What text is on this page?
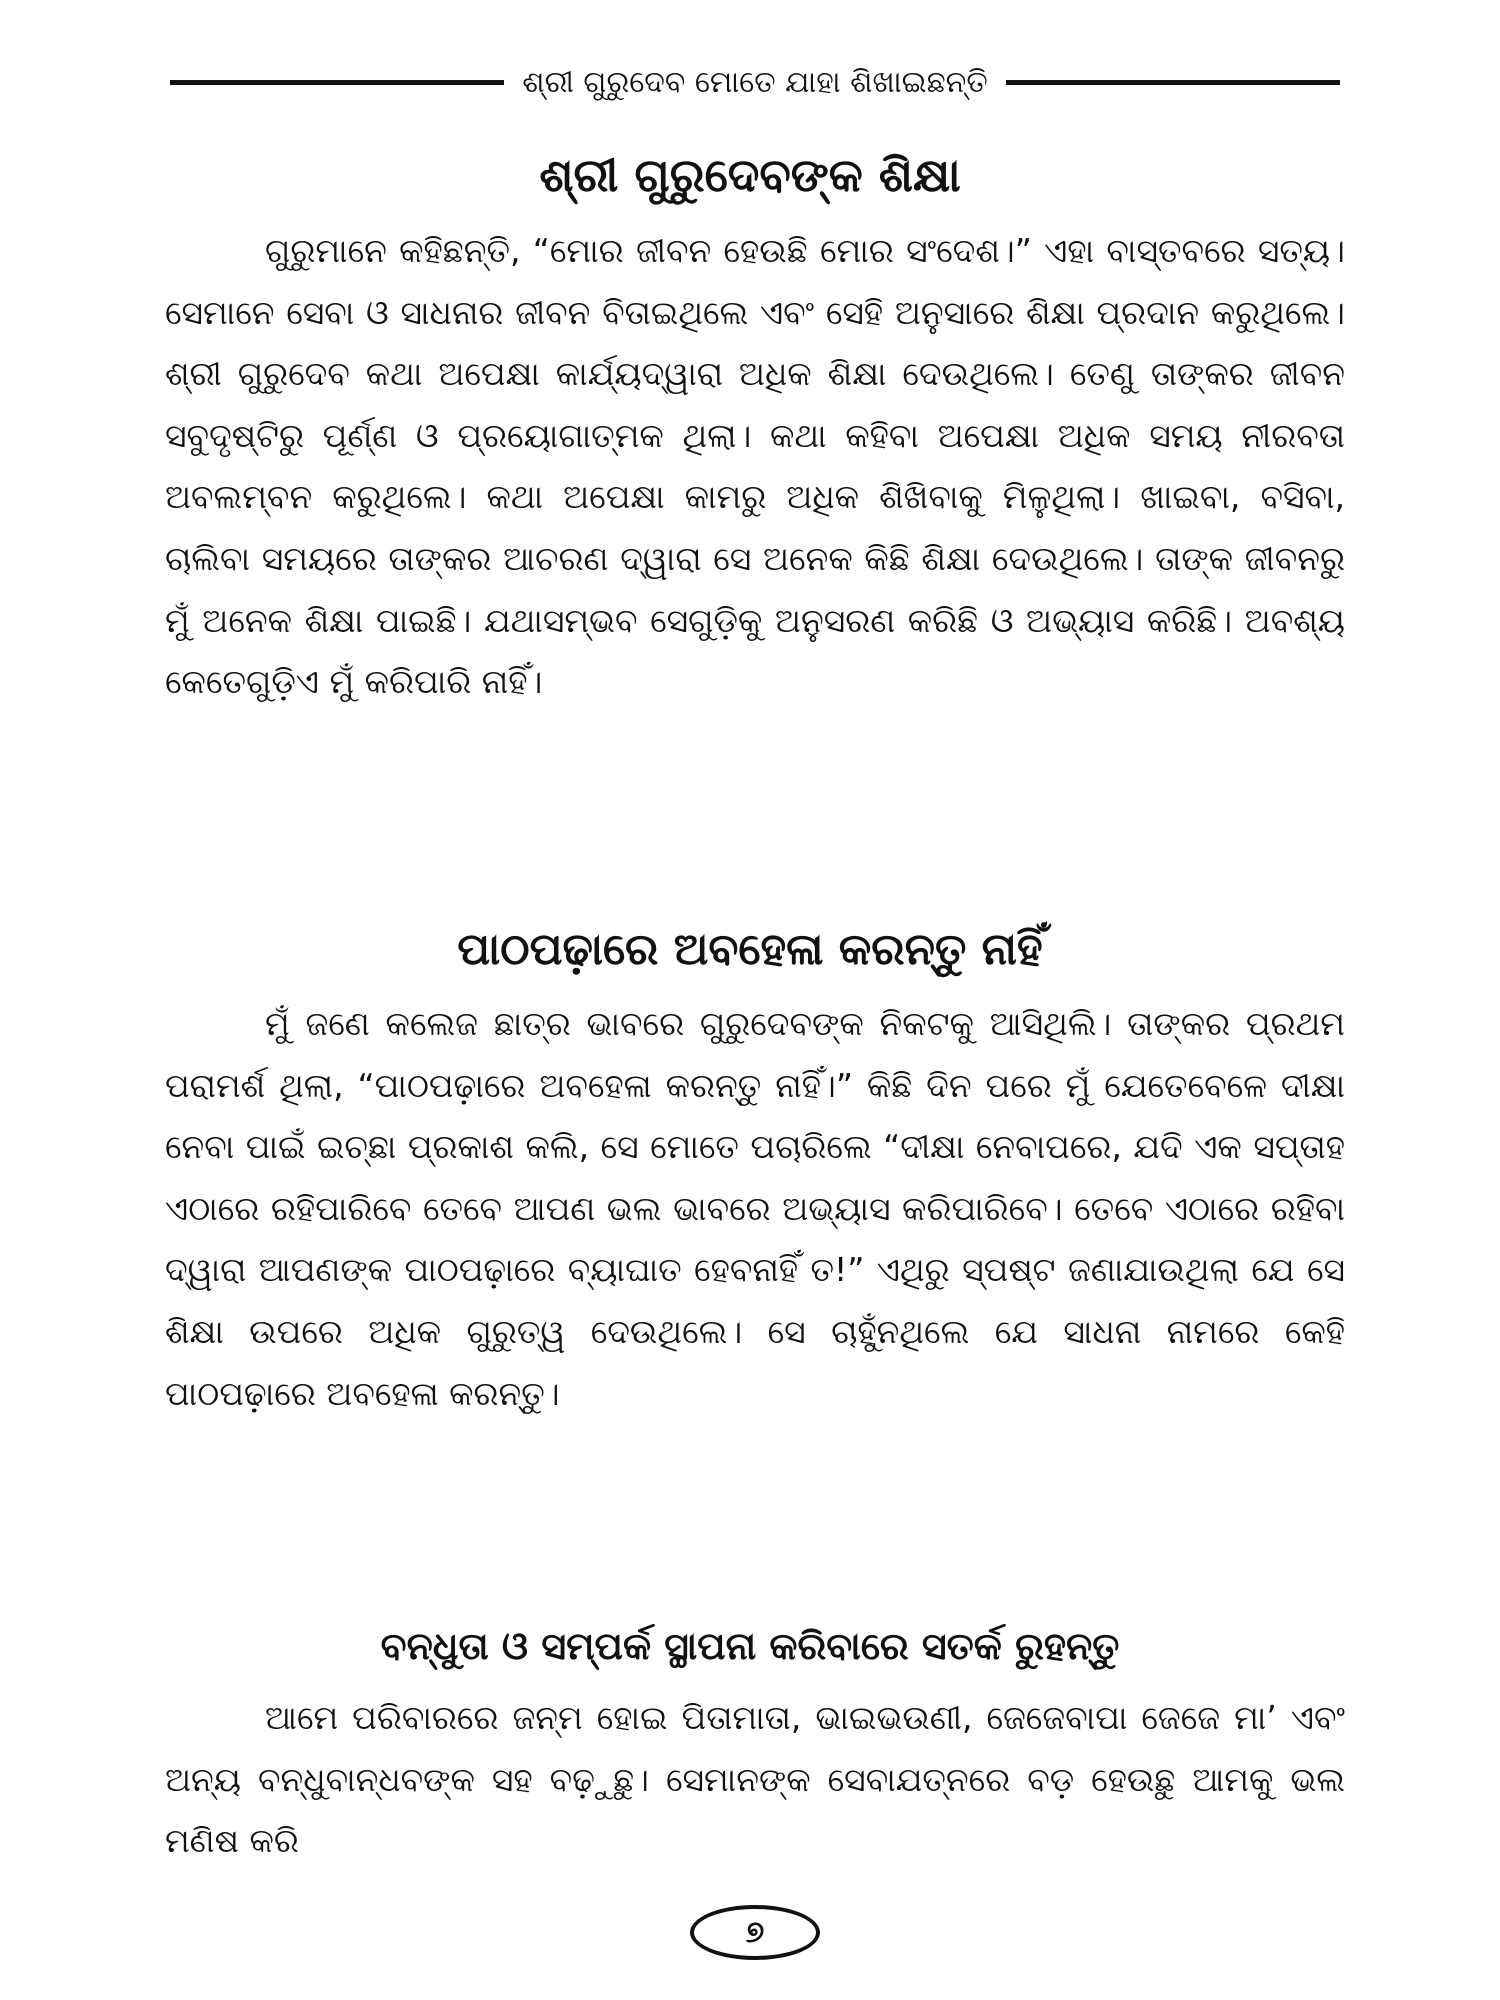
ଶ୍ରୀ ଗୁରୁଦେବ ମୋତେ ଯାହା ଶିଖାଇଛନ୍ତି
ଶ୍ରୀ ଗୁରୁଦେବଙ୍କ ଶିକ୍ଷା
ଗୁରୁମାନେ କହିଛନ୍ତି, “ମୋର ଜୀବନ ହେଉଛି ମୋର ସଂଦେଶ।” ଏହା ବାସ୍ତବରେ ସତ୍ୟ। ସେମାନେ ସେବା ଓ ସାଧନାର ଜୀବନ ବିତାଇଥିଲେ ଏବଂ ସେହି ଅନୁସାରେ ଶିକ୍ଷା ପ୍ରଦାନ କରୁଥିଲେ। ଶ୍ରୀ ଗୁରୁଦେବ କଥା ଅପେକ୍ଷା କାର୍ଯ୍ୟଦ୍ୱାରା ଅଧିକ ଶିକ୍ଷା ଦେଉଥିଲେ। ତେଣୁ ତାଙ୍କର ଜୀବନ ସବୁଦୃଷ୍ଟିରୁ ପୂର୍ଣ୍ଣ ଓ ପ୍ରୟୋଗାତ୍ମକ ଥିଲା। କଥା କହିବା ଅପେକ୍ଷା ଅଧିକ ସମୟ ନୀରବତା ଅବଲମ୍ବନ କରୁଥିଲେ। କଥା ଅପେକ୍ଷା କାମରୁ ଅଧିକ ଶିଖିବାକୁ ମିଳୁଥିଲା। ଖାଇବା, ବସିବା, ଚାଲିବା ସମୟରେ ତାଙ୍କର ଆଚରଣ ଦ୍ୱାରା ସେ ଅନେକ କିଛି ଶିକ୍ଷା ଦେଉଥିଲେ। ତାଙ୍କ ଜୀବନରୁ ମୁଁ ଅନେକ ଶିକ୍ଷା ପାଇଛି। ଯଥାସମ୍ଭବ ସେଗୁଡ଼ିକୁ ଅନୁସରଣ କରିଛି ଓ ଅଭ୍ୟାସ କରିଛି। ଅବଶ୍ୟ କେତେଗୁଡ଼ିଏ ମୁଁ କରିପାରି ନାହିଁ।
ପାଠପଢ଼ାରେ ଅବହେଳା କରନ୍ତୁ ନାହିଁ
ମୁଁ ଜଣେ କଲେଜ ଛାତ୍ର ଭାବରେ ଗୁରୁଦେବଙ୍କ ନିକଟକୁ ଆସିଥିଲି। ତାଙ୍କର ପ୍ରଥମ ପରାମର୍ଶ ଥିଲା, “ପାଠପଢ଼ାରେ ଅବହେଳା କରନ୍ତୁ ନାହିଁ।” କିଛି ଦିନ ପରେ ମୁଁ ଯେତେବେଳେ ଦୀକ୍ଷା ନେବା ପାଇଁ ଇଚ୍ଛା ପ୍ରକାଶ କଲି, ସେ ମୋତେ ପଚାରିଲେ “ଦୀକ୍ଷା ନେବାପରେ, ଯଦି ଏକ ସପ୍ତାହ ଏଠାରେ ରହିପାରିବେ ତେବେ ଆପଣ ଭଲ ଭାବରେ ଅଭ୍ୟାସ କରିପାରିବେ। ତେବେ ଏଠାରେ ରହିବା ଦ୍ୱାରା ଆପଣଙ୍କ ପାଠପଢ଼ାରେ ବ୍ୟାଘାତ ହେବନାହିଁ ତ!” ଏଥିରୁ ସ୍ପଷ୍ଟ ଜଣାଯାଉଥିଲା ଯେ ସେ ଶିକ୍ଷା ଉପରେ ଅଧିକ ଗୁରୁତ୍ୱ ଦେଉଥିଲେ। ସେ ଚାହୁଁନଥିଲେ ଯେ ସାଧନା ନାମରେ କେହି ପାଠପଢ଼ାରେ ଅବହେଳା କରନ୍ତୁ।
ବନ୍ଧୁତା ଓ ସମ୍ପର୍କ ସ୍ଥାପନା କରିବାରେ ସତର୍କ ରୁହନ୍ତୁ
ଆମେ ପରିବାରରେ ଜନ୍ମ ହୋଇ ପିତାମାତା, ଭାଇଭଉଣୀ, ଜେଜେବାପା ଜେଜେ ମା’ ଏବଂ ଅନ୍ୟ ବନ୍ଧୁବାନ୍ଧବଙ୍କ ସହ ବଢ଼ୁଛୁ। ସେମାନଙ୍କ ସେବାଯତ୍ନରେ ବଡ଼ ହେଉଛୁ ଆମକୁ ଭଲ ମଣିଷ କରି
୭
